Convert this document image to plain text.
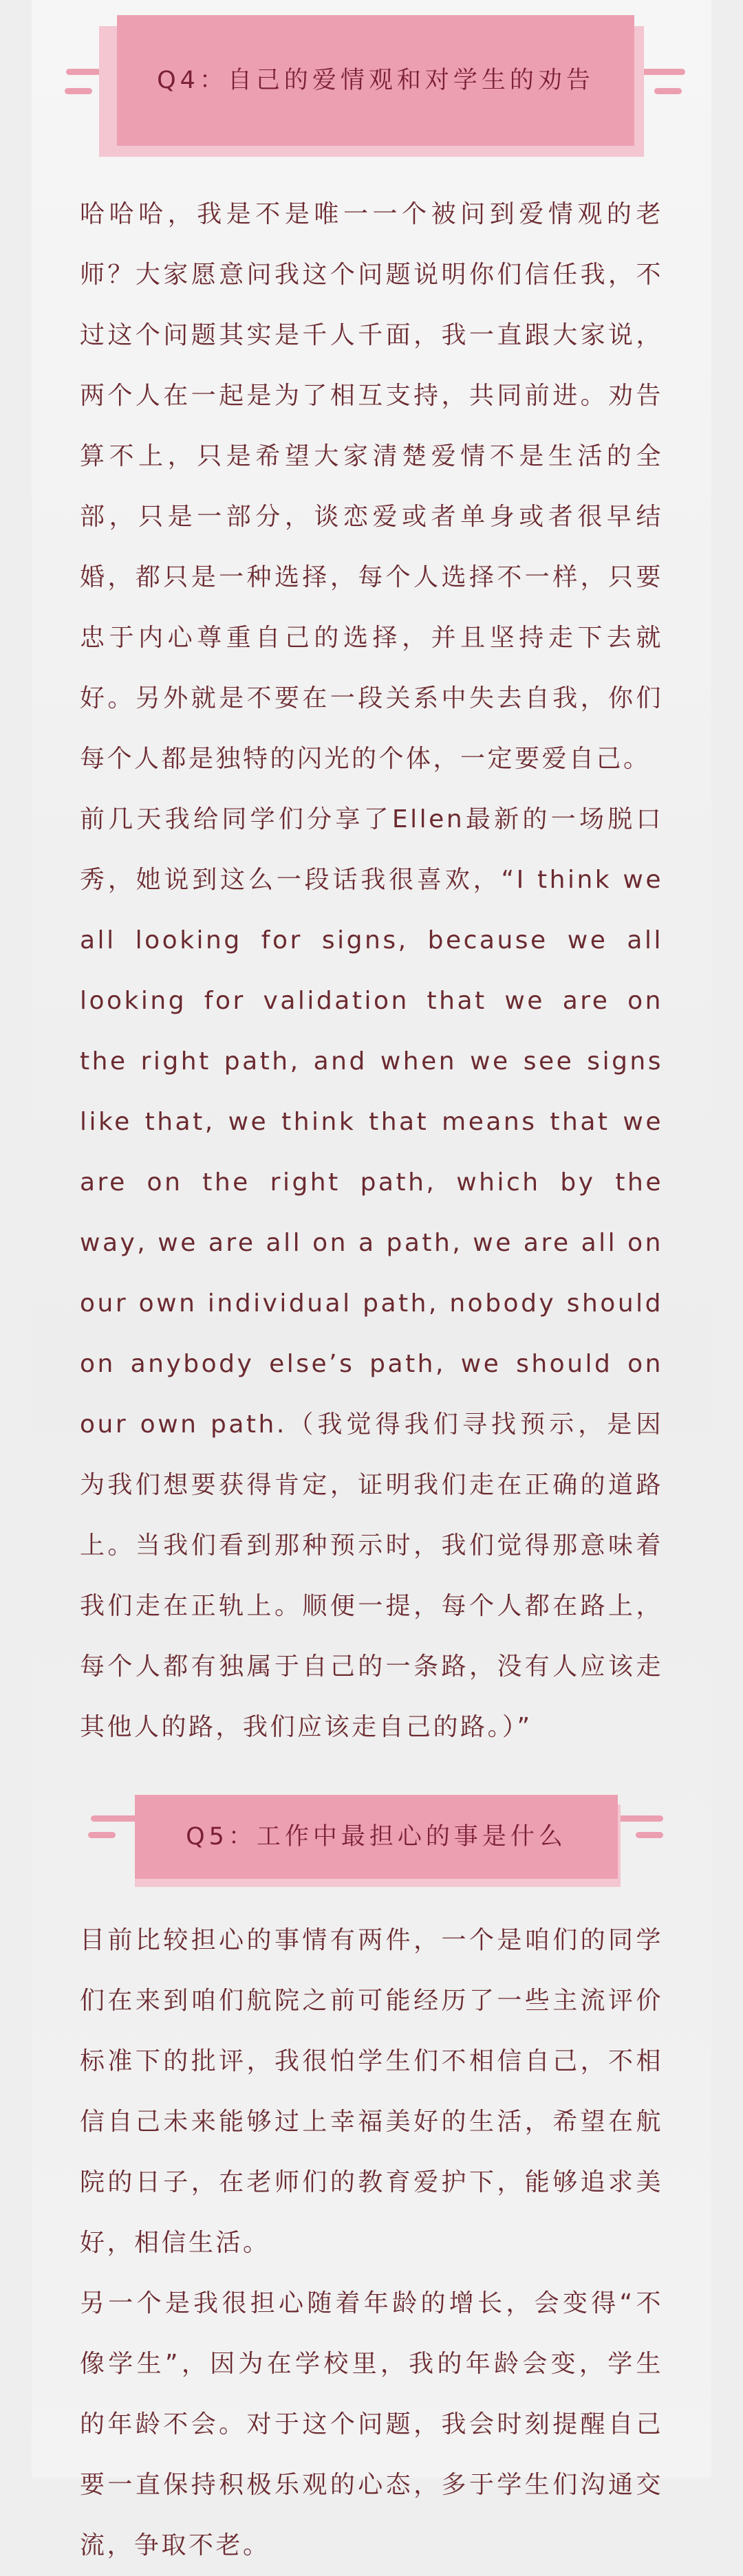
Q4：自己的爱情观和对学生的劝告

哈哈哈，我是不是唯一一个被问到爱情观的老师？大家愿意问我这个问题说明你们信任我，不过这个问题其实是千人千面，我一直跟大家说，两个人在一起是为了相互支持，共同前进。劝告算不上，只是希望大家清楚爱情不是生活的全部，只是一部分，谈恋爱或者单身或者很早结婚，都只是一种选择，每个人选择不一样，只要忠于内心尊重自己的选择，并且坚持走下去就好。另外就是不要在一段关系中失去自我，你们每个人都是独特的闪光的个体，一定要爱自己。

前几天我给同学们分享了Ellen最新的一场脱口秀，她说到这么一段话我很喜欢，“I think we all looking for signs, because we all looking for validation that we are on the right path, and when we see signs like that, we think that means that we are on the right path, which by the way, we are all on a path, we are all on our own individual path, nobody should on anybody else’s path, we should on our own path.（我觉得我们寻找预示，是因为我们想要获得肯定，证明我们走在正确的道路上。当我们看到那种预示时，我们觉得那意味着我们走在正轨上。顺便一提，每个人都在路上，每个人都有独属于自己的一条路，没有人应该走其他人的路，我们应该走自己的路。）”

Q5：工作中最担心的事是什么

目前比较担心的事情有两件，一个是咱们的同学们在来到咱们航院之前可能经历了一些主流评价标准下的批评，我很怕学生们不相信自己，不相信自己未来能够过上幸福美好的生活，希望在航院的日子，在老师们的教育爱护下，能够追求美好，相信生活。

另一个是我很担心随着年龄的增长，会变得“不像学生”，因为在学校里，我的年龄会变，学生的年龄不会。对于这个问题，我会时刻提醒自己要一直保持积极乐观的心态，多于学生们沟通交流，争取不老。
